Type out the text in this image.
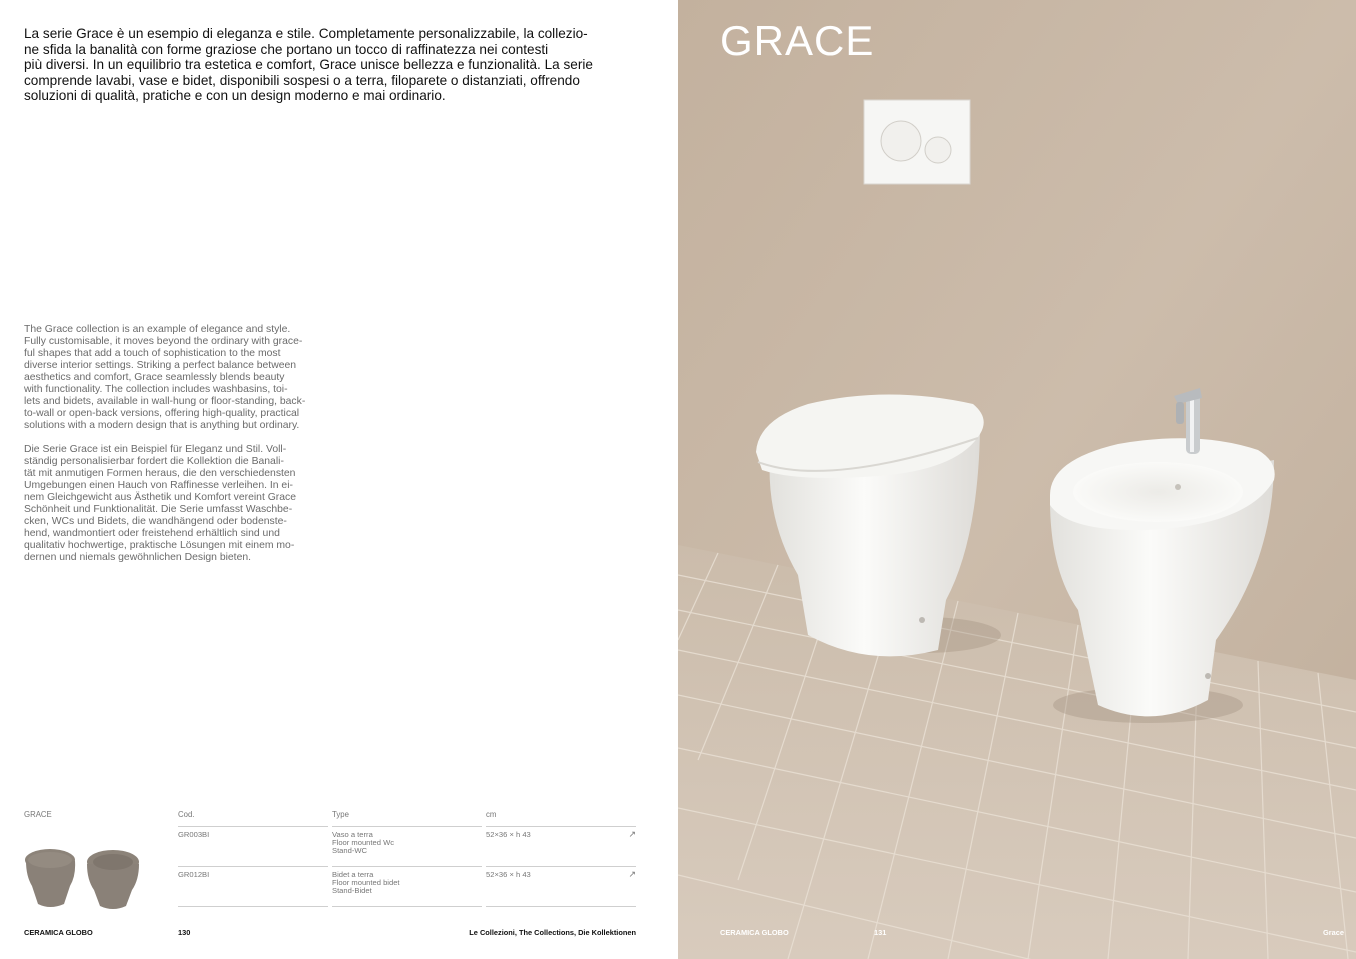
La serie Grace è un esempio di eleganza e stile. Completamente personalizzabile, la collezio-

ne sfida la banalità con forme graziose che portano un tocco di raffinatezza nei contesti

più diversi. In un equilibrio tra estetica e comfort, Grace unisce bellezza e funzionalità. La serie

comprende lavabi, vase e bidet, disponibili sospesi o a terra, filoparete o distanziati, offrendo

soluzioni di qualità, pratiche e con un design moderno e mai ordinario.

The Grace collection is an example of elegance and style.
Fully customisable, it moves beyond the ordinary with grace-
ful shapes that add a touch of sophistication to the most
diverse interior settings. Striking a perfect balance between
aesthetics and comfort, Grace seamlessly blends beauty
with functionality. The collection includes washbasins, toi-
lets and bidets, available in wall-hung or floor-standing, back-
to-wall or open-back versions, offering high-quality, practical
solutions with a modern design that is anything but ordinary.
Die Serie Grace ist ein Beispiel für Eleganz und Stil. Voll-
ständig personalisierbar fordert die Kollektion die Banali-
tät mit anmutigen Formen heraus, die den verschiedensten
Umgebungen einen Hauch von Raffinesse verleihen. In ei-
nem Gleichgewicht aus Ästhetik und Komfort vereint Grace
Schönheit und Funktionalität. Die Serie umfasst Waschbe-
cken, WCs und Bidets, die wandhängend oder bodenste-
hend, wandmontiert oder freistehend erhältlich sind und
qualitativ hochwertige, praktische Lösungen mit einem mo-
dernen und niemals gewöhnlichen Design bieten.
GRACE	Cod.	Type	cm
GR003BI	Vaso a terra
Floor mounted Wc
Stand-WC
52×36 × h 43	↗
GR012BI	Bidet a terra
Floor mounted bidet
Stand-Bidet
52×36 × h 43	↗
CERAMICA GLOBO	130	Le Collezioni, The Collections, Die Kollektionen
GRACE
CERAMICA GLOBO	131	Grace
